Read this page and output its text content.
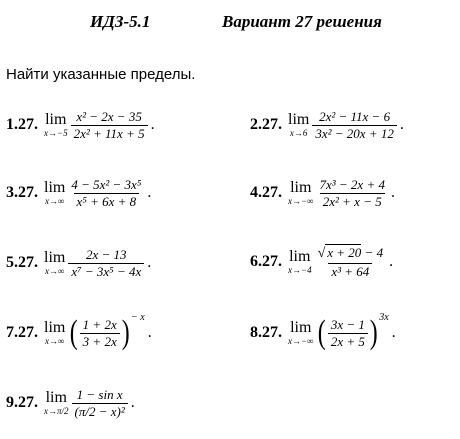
ИДЗ-5.1	Вариант 27 решения
Найти указанные пределы.
1.27. lim
$x\to-5 \frac{\text{x² − 2x − 35}}{\text{2x² + 11x + 5}}$ .	2.27. lim
$x\to 6 \frac{\text{2x² − 11x − 6}}{\text{3x² − 20x + 12}}$ .
3.27. lim
$x\to\infty \frac{\text{4 − 5x² − 3x⁵}}{\text{x⁵ + 6x + 8}}$ .	4.27. lim
$x\to-\infty \frac{\text{7x³ − 2x + 4}}{\text{2x² + x − 5}}$ .
5.27. lim
$x\to\infty \frac{2x - 13}{\text{x⁷ − 3x⁵ − 4x}}$ .	6.27. lim
$x\to-4 \frac{√ x + 20 - 4}{\text{x³ + 64}}$ .
7.27. lim
x→∞ ( $\frac{1 + 2x}{3 + 2x}$ ) − x
.	8.27. lim
x→−∞ ( $\frac{3x - 1}{2x + 5}$ ) 3x
.
9.27. lim
$x\to\pi/2 \frac{\text{1 − sin x}}{\text{(π/2 − x)²}}$ .
